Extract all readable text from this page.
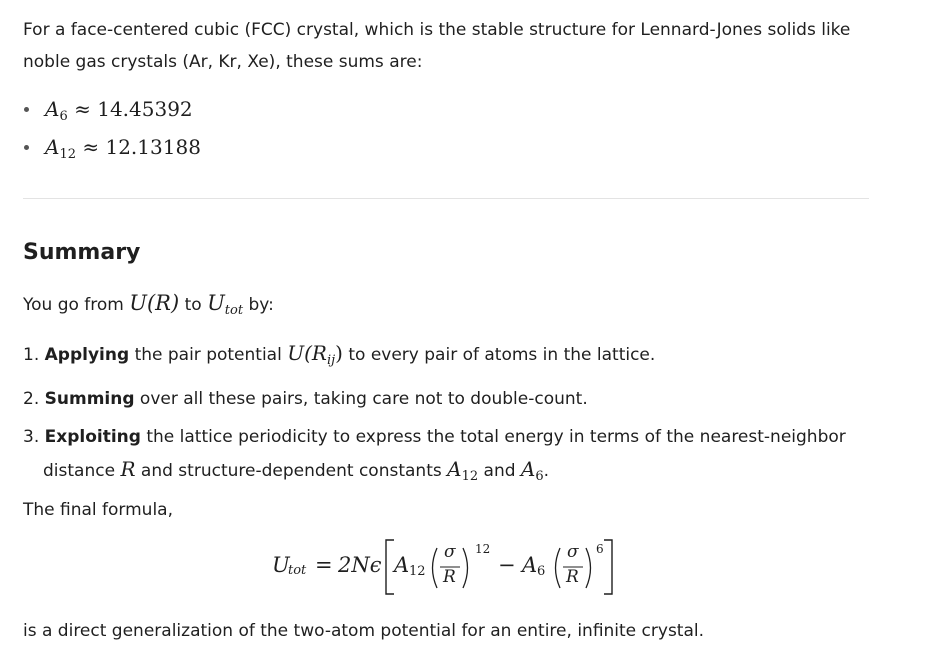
For a face-centered cubic (FCC) crystal, which is the stable structure for Lennard-Jones solids like noble gas crystals (Ar, Kr, Xe), these sums are:

$A_6 \approx 14.45392$
$A_{12} \approx 12.13188$
Summary

You go from U(R) to Utot by:

1. Applying the pair potential $U(R_{ij})$ to every pair of atoms in the lattice.
2. Summing over all these pairs, taking care not to double-count.
3. Exploiting the lattice periodicity to express the total energy in terms of the nearest-neighbor distance R and structure-dependent constants $A_{12}$ and $A_6$.

The final formula,

U
tot = 2Nϵ A 12
σ
R
12
− A 6
σ
R
6

is a direct generalization of the two-atom potential for an entire, infinite crystal.
